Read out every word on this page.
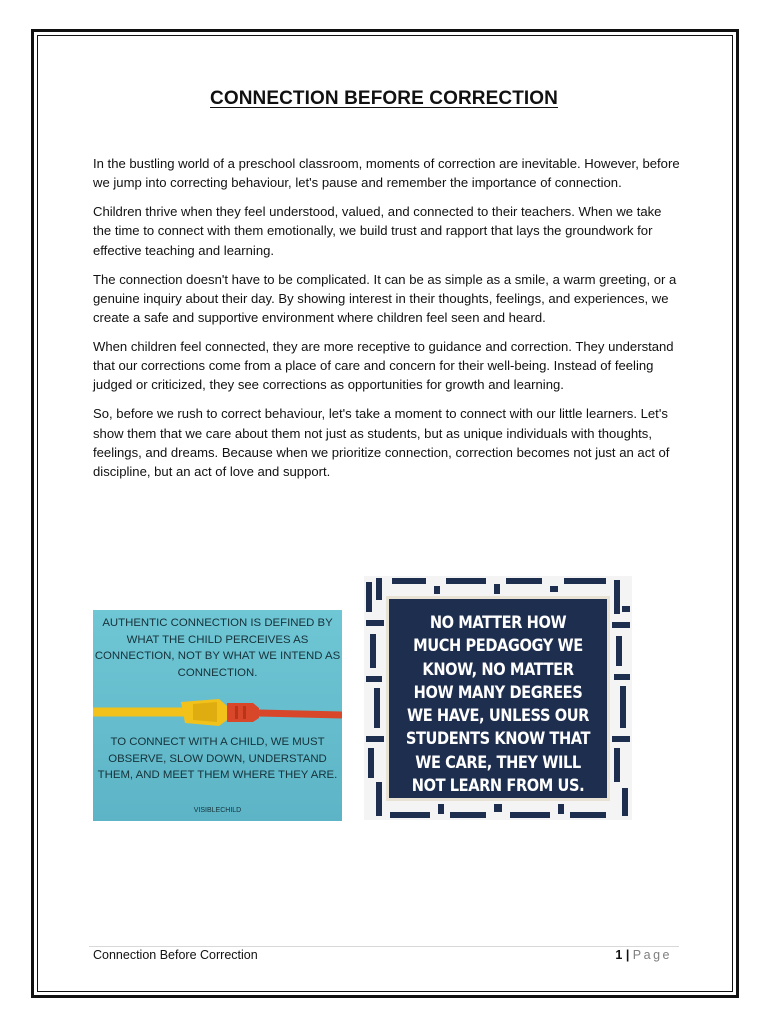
CONNECTION BEFORE CORRECTION

In the bustling world of a preschool classroom, moments of correction are inevitable. However, before we jump into correcting behaviour, let's pause and remember the importance of connection.

Children thrive when they feel understood, valued, and connected to their teachers. When we take the time to connect with them emotionally, we build trust and rapport that lays the groundwork for effective teaching and learning.

The connection doesn't have to be complicated. It can be as simple as a smile, a warm greeting, or a genuine inquiry about their day. By showing interest in their thoughts, feelings, and experiences, we create a safe and supportive environment where children feel seen and heard.

When children feel connected, they are more receptive to guidance and correction. They understand that our corrections come from a place of care and concern for their well-being. Instead of feeling judged or criticized, they see corrections as opportunities for growth and learning.

So, before we rush to correct behaviour, let's take a moment to connect with our little learners. Let's show them that we care about them not just as students, but as unique individuals with thoughts, feelings, and dreams. Because when we prioritize connection, correction becomes not just an act of discipline, but an act of love and support.

AUTHENTIC CONNECTION IS DEFINED BY WHAT THE CHILD PERCEIVES AS CONNECTION, NOT BY WHAT WE INTEND AS CONNECTION.
TO CONNECT WITH A CHILD, WE MUST OBSERVE, SLOW DOWN, UNDERSTAND THEM, AND MEET THEM WHERE THEY ARE.
VISIBLECHILD
NO MATTER HOW MUCH PEDAGOGY WE KNOW, NO MATTER HOW MANY DEGREES WE HAVE, UNLESS OUR STUDENTS KNOW THAT WE CARE, THEY WILL NOT LEARN FROM US.
Connection Before Correction	1 | Page
